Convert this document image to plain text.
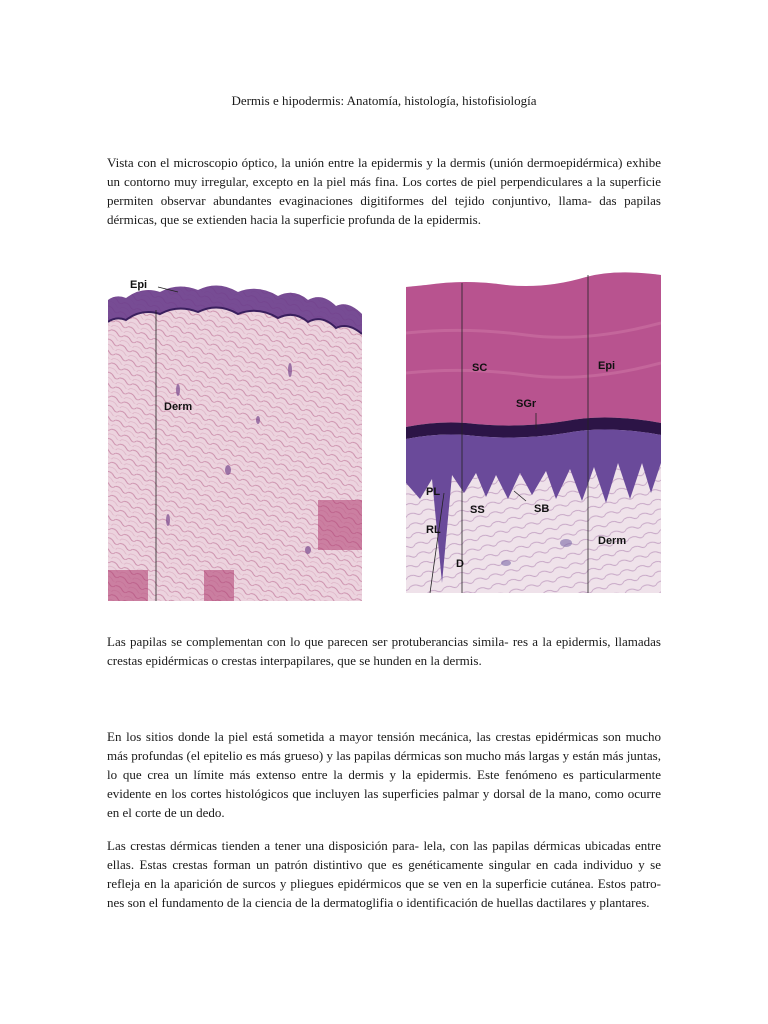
Dermis e hipodermis: Anatomía, histología, histofisiología

Vista con el microscopio óptico, la unión entre la epidermis y la dermis (unión dermoepidérmica) exhibe un contorno muy irregular, excepto en la piel más fina. Los cortes de piel perpendiculares a la superficie permiten observar abundantes evaginaciones digitiformes del tejido conjuntivo, llama- das papilas dérmicas, que se extienden hacia la superficie profunda de la epidermis.

Epi
Derm
SC	Epi
SGr
PL
SS	SB
RL
Derm
D

Las papilas se complementan con lo que parecen ser protuberancias simila- res a la epidermis, llamadas crestas epidérmicas o crestas interpapilares, que se hunden en la dermis.

En los sitios donde la piel está sometida a mayor tensión mecánica, las crestas epidérmicas son mucho más profundas (el epitelio es más grueso) y las papilas dérmicas son mucho más largas y están más juntas, lo que crea un límite más extenso entre la dermis y la epidermis. Este fenómeno es particularmente evidente en los cortes histológicos que incluyen las superficies palmar y dorsal de la mano, como ocurre en el corte de un dedo.

Las crestas dérmicas tienden a tener una disposición para- lela, con las papilas dérmicas ubicadas entre ellas. Estas crestas forman un patrón distintivo que es genéticamente singular en cada individuo y se refleja en la aparición de surcos y pliegues epidérmicos que se ven en la superficie cutánea. Estos patro- nes son el fundamento de la ciencia de la dermatoglifia o identificación de huellas dactilares y plantares.
